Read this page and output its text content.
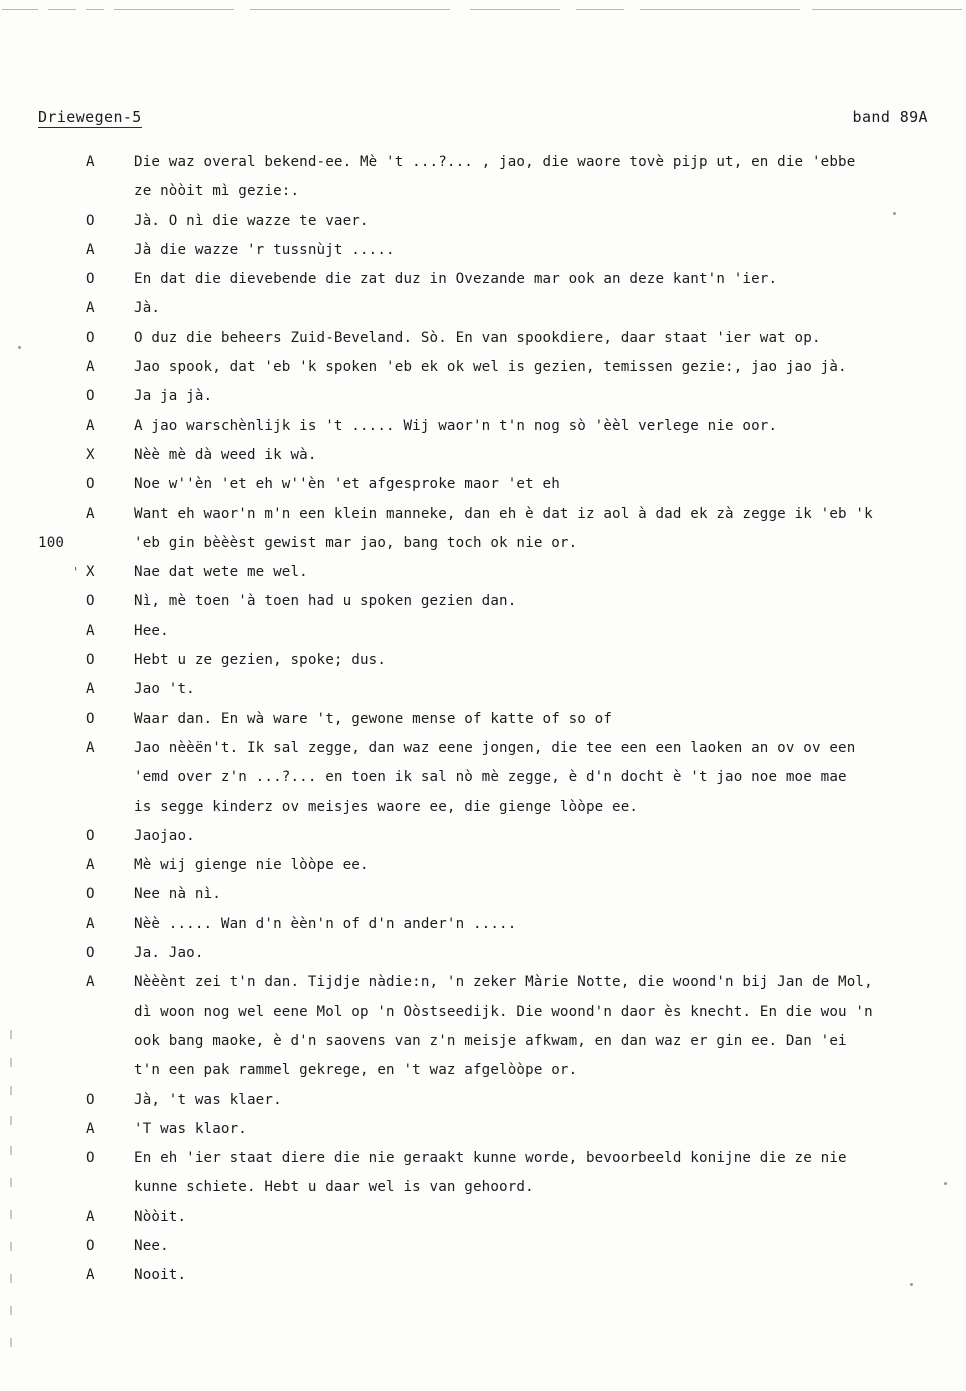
Driewegen-5	band 89A
A	Die waz overal bekend-ee. Mè 't ...?... , jao, die waore tovè pijp ut, en die 'ebbe
ze nòòit mì gezie:.
O	Jà. O nì die wazze te vaer.
A	Jà die wazze 'r tussnùjt .....
O	En dat die dievebende die zat duz in Ovezande mar ook an deze kant'n 'ier.
A	Jà.
O	O duz die beheers Zuid-Beveland. Sò. En van spookdiere, daar staat 'ier wat op.
A	Jao spook, dat 'eb 'k spoken 'eb ek ok wel is gezien, temissen gezie:, jao jao jà.
O	Ja ja jà.
A	A jao warschènlijk is 't ..... Wij waor'n t'n nog sò 'èèl verlege nie oor.
X	Nèè mè dà weed ik wà.
O	Noe w''èn 'et eh w''èn 'et afgesproke maor 'et eh
A	Want eh waor'n m'n een klein manneke, dan eh è dat iz aol à dad ek zà zegge ik 'eb 'k
100	'eb gin bèèèst gewist mar jao, bang toch ok nie or.
' X	Nae dat wete me wel.
O	Nì, mè toen 'à toen had u spoken gezien dan.
A	Hee.
O	Hebt u ze gezien, spoke; dus.
A	Jao 't.
O	Waar dan. En wà ware 't, gewone mense of katte of so of
A	Jao nèèën't. Ik sal zegge, dan waz eene jongen, die tee een een laoken an ov ov een
'emd over z'n ...?... en toen ik sal nò mè zegge, è d'n docht è 't jao noe moe mae
is segge kinderz ov meisjes waore ee, die gienge lòòpe ee.
O	Jaojao.
A	Mè wij gienge nie lòòpe ee.
O	Nee nà nì.
A	Nèè ..... Wan d'n èèn'n of d'n ander'n .....
O	Ja. Jao.
A	Nèèènt zei t'n dan. Tijdje nàdie:n, 'n zeker Màrie Notte, die woond'n bij Jan de Mol,
dì woon nog wel eene Mol op 'n Oòstseedijk. Die woond'n daor ès knecht. En die wou 'n
ook bang maoke, è d'n saovens van z'n meisje afkwam, en dan waz er gin ee. Dan 'ei
t'n een pak rammel gekrege, en 't waz afgelòòpe or.
O	Jà, 't was klaer.
A	'T was klaor.
O	En eh 'ier staat diere die nie geraakt kunne worde, bevoorbeeld konijne die ze nie
kunne schiete. Hebt u daar wel is van gehoord.
A	Nòòit.
O	Nee.
A	Nooit.
